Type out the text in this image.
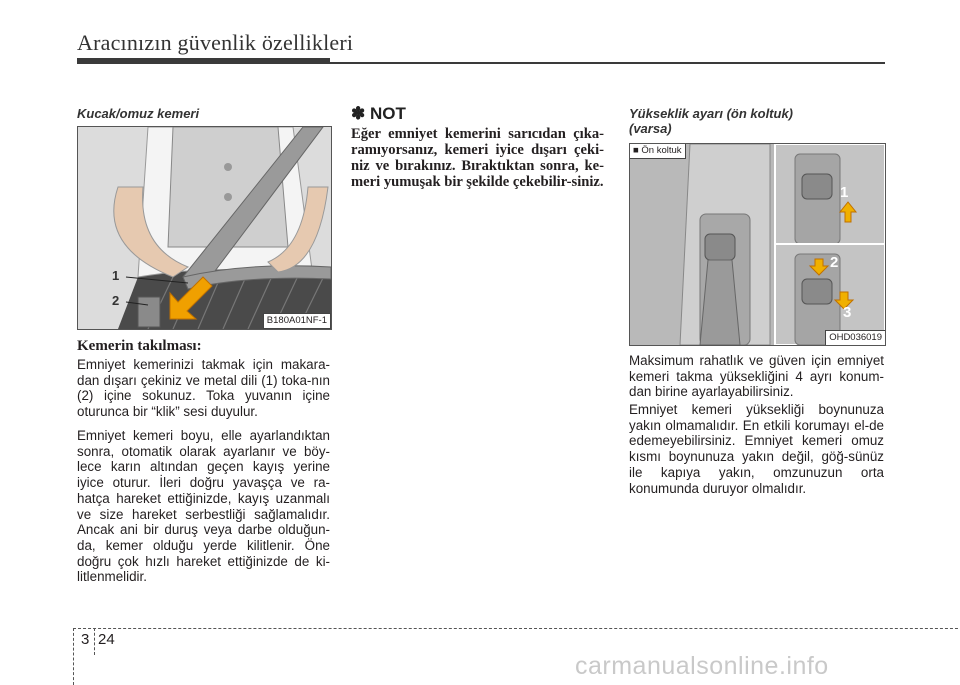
Aracınızın güvenlik özellikleri
Kucak/omuz kemeri
1
2
B180A01NF-1
Kemerin takılması:

Emniyet kemerinizi takmak için makara-dan dışarı çekiniz ve metal dili (1) toka-nın (2) içine sokunuz. Toka yuvanın içine oturunca bir “klik” sesi duyulur.

Emniyet kemeri boyu, elle ayarlandıktan sonra, otomatik olarak ayarlanır ve böy-lece karın altından geçen kayış yerine iyice oturur. İleri doğru yavaşça ve ra-hatça hareket ettiğinizde, kayış uzanmalı ve size hareket serbestliği sağlamalıdır. Ancak ani bir duruş veya darbe olduğun-da, kemer olduğu yerde kilitlenir. Öne doğru çok hızlı hareket ettiğinizde de ki-litlenmelidir.

✽ NOT

Eğer emniyet kemerini sarıcıdan çıka-ramıyorsanız, kemeri iyice dışarı çeki-niz ve bırakınız. Bıraktıktan sonra, ke-meri yumuşak bir şekilde çekebilir-siniz.

Yükseklik ayarı (ön koltuk)
(varsa)
■ Ön koltuk
1
2
3
OHD036019

Maksimum rahatlık ve güven için emniyet kemeri takma yüksekliğini 4 ayrı konum-dan birine ayarlayabilirsiniz.

Emniyet kemeri yüksekliği boynunuza yakın olmamalıdır. En etkili korumayı el-de edemeyebilirsiniz. Emniyet kemeri omuz kısmı boynunuza yakın değil, göğ-sünüz ile kapıya yakın, omzunuzun orta konumunda duruyor olmalıdır.

3 24
carmanualsonline.info
